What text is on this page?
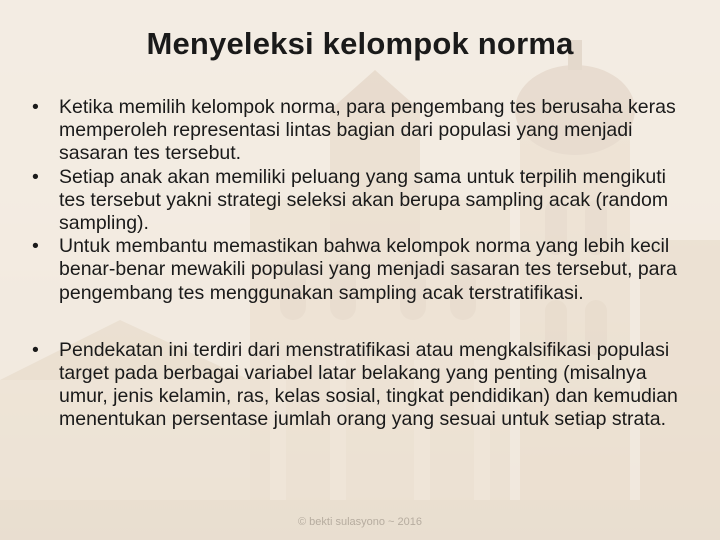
Menyeleksi kelompok norma
• Ketika memilih kelompok norma, para pengembang tes berusaha keras memperoleh representasi lintas bagian dari populasi yang menjadi sasaran tes tersebut.
• Setiap anak akan memiliki peluang yang sama untuk terpilih mengikuti tes tersebut yakni strategi seleksi akan berupa sampling acak (random sampling).
• Untuk membantu memastikan bahwa kelompok norma yang lebih kecil benar-benar mewakili populasi yang menjadi sasaran tes tersebut, para pengembang tes menggunakan sampling acak terstratifikasi.
• Pendekatan ini terdiri dari menstratifikasi atau mengkalsifikasi populasi target pada berbagai variabel latar belakang yang penting (misalnya umur, jenis kelamin, ras, kelas sosial, tingkat pendidikan) dan kemudian menentukan persentase jumlah orang yang sesuai untuk setiap strata.
© bekti sulasyono ~ 2016
